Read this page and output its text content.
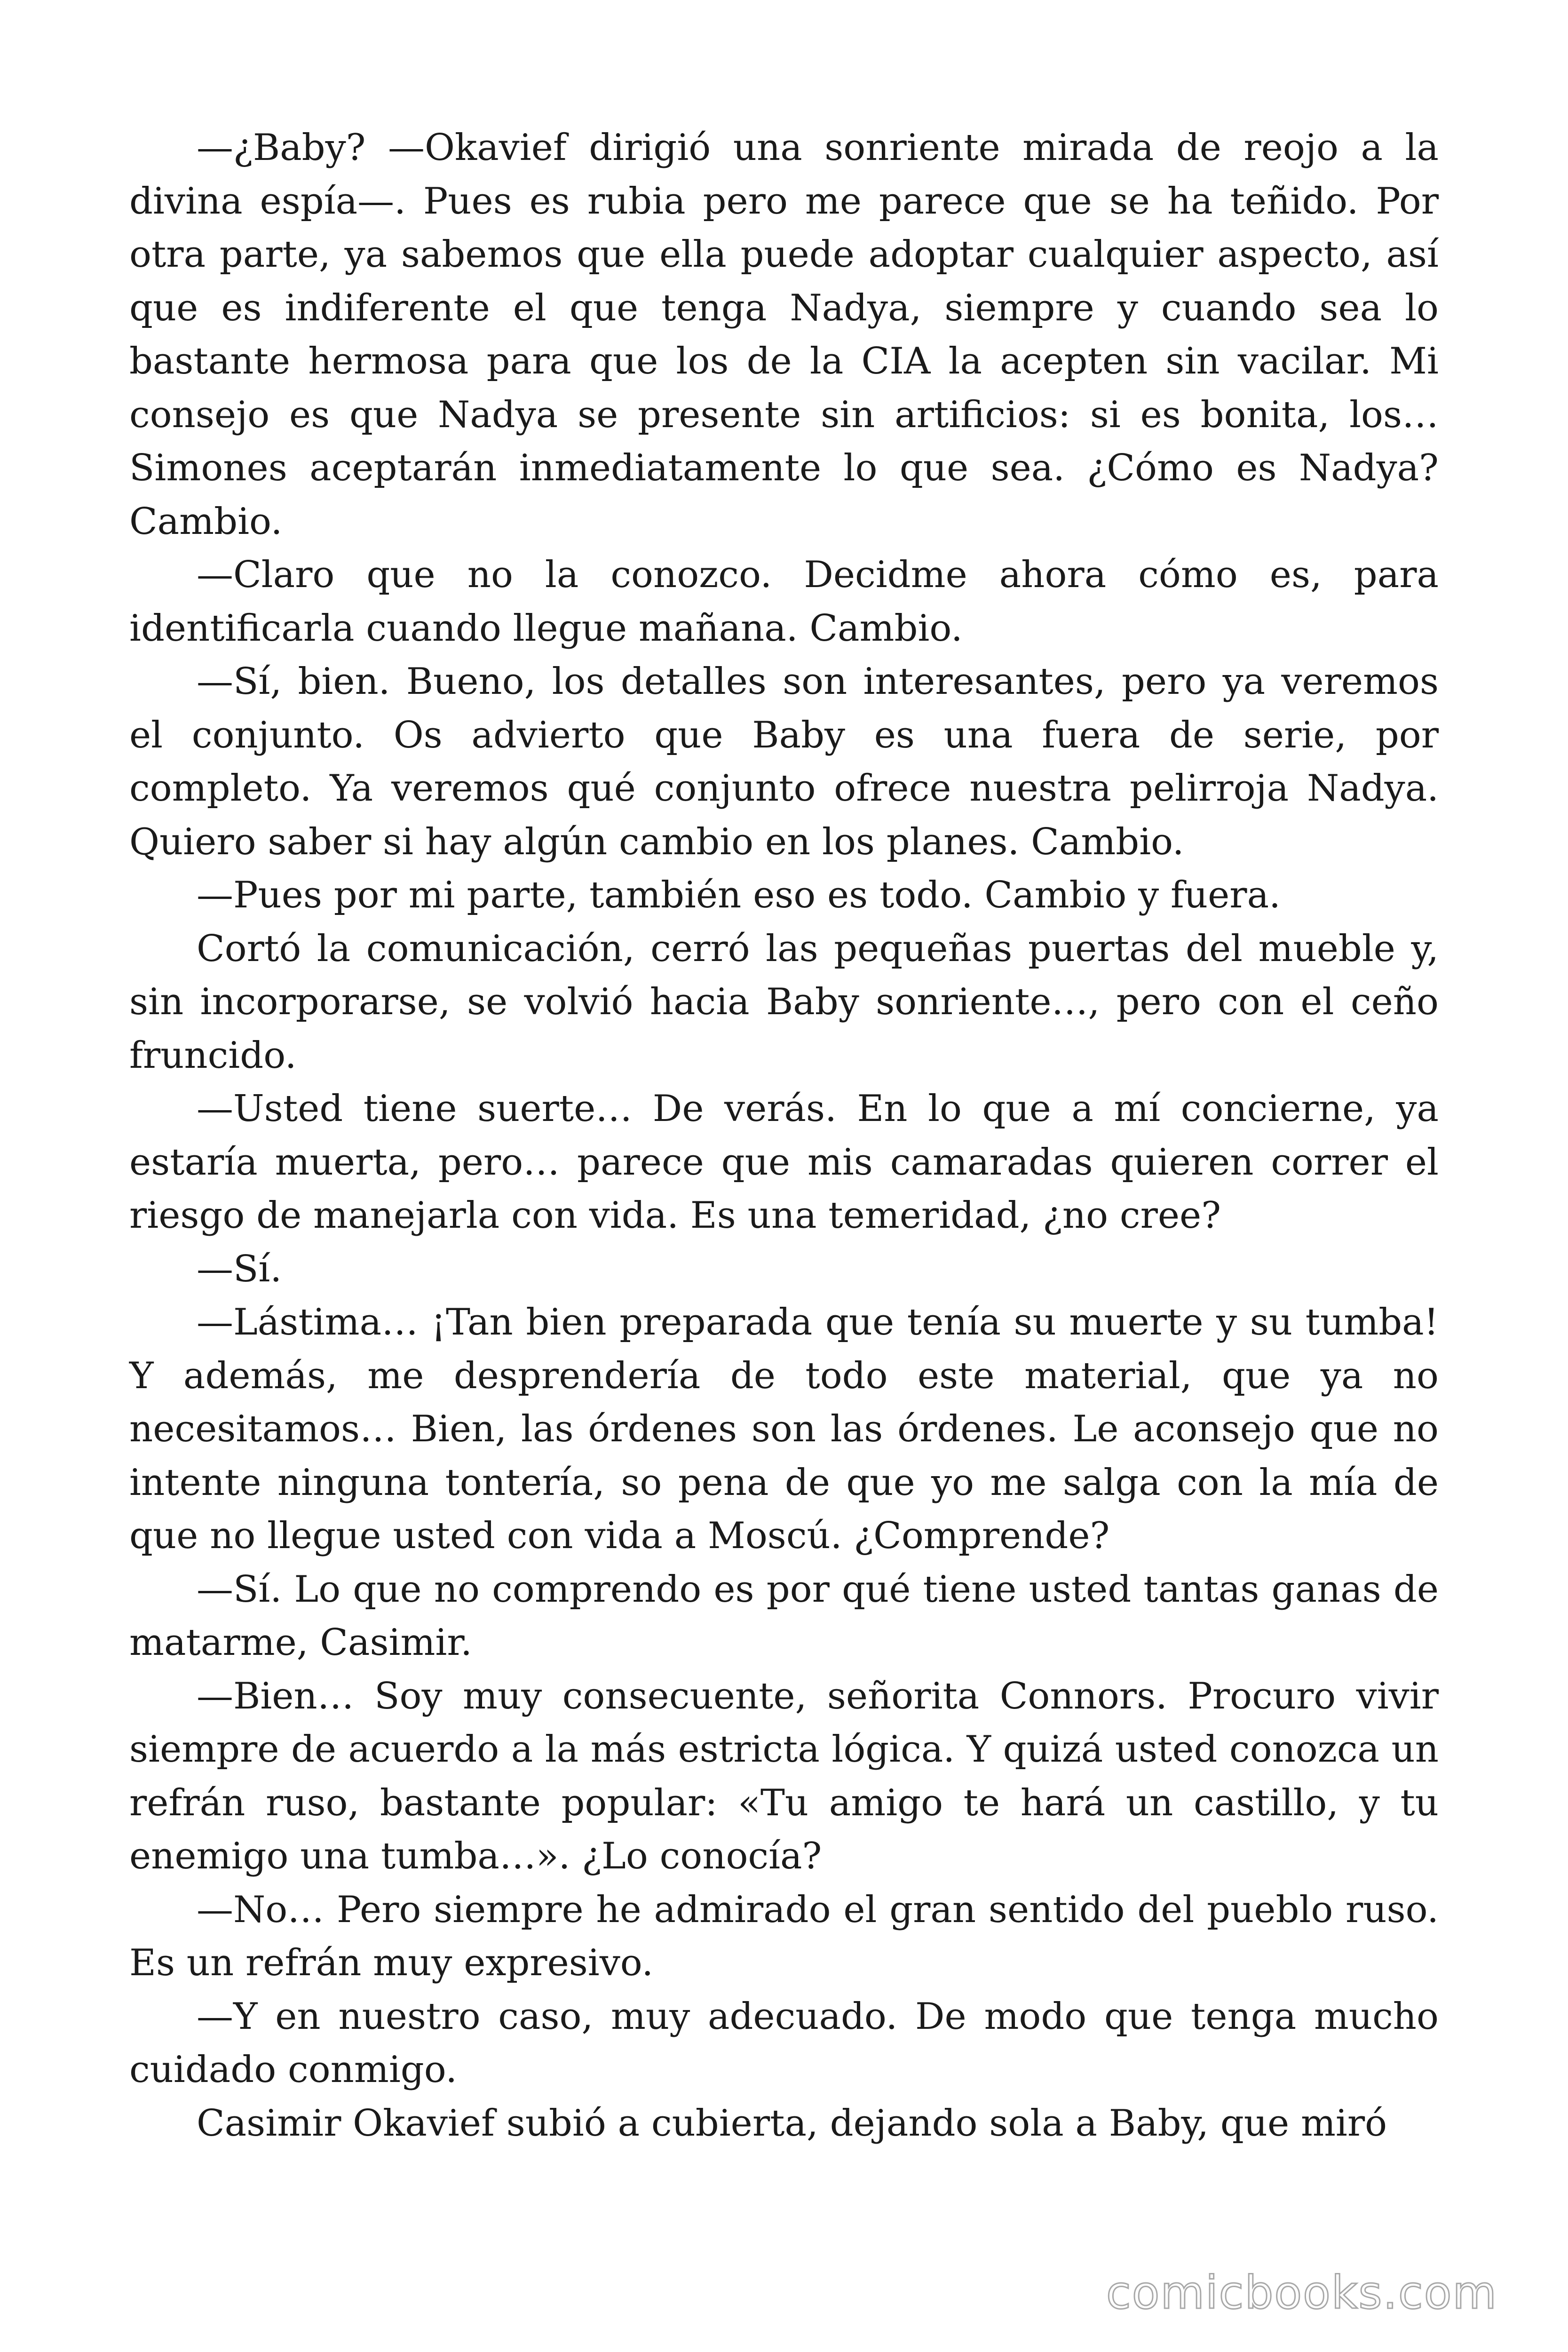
—¿Baby? —Okavief dirigió una sonriente mirada de reojo a la divina espía—. Pues es rubia pero me parece que se ha teñido. Por otra parte, ya sabemos que ella puede adoptar cualquier aspecto, así que es indiferente el que tenga Nadya, siempre y cuando sea lo bastante hermosa para que los de la CIA la acepten sin vacilar. Mi consejo es que Nadya se presente sin artificios: si es bonita, los… Simones aceptarán inmediatamente lo que sea. ¿Cómo es Nadya? Cambio.

—Claro que no la conozco. Decidme ahora cómo es, para identificarla cuando llegue mañana. Cambio.

—Sí, bien. Bueno, los detalles son interesantes, pero ya veremos el conjunto. Os advierto que Baby es una fuera de serie, por completo. Ya veremos qué conjunto ofrece nuestra pelirroja Nadya. Quiero saber si hay algún cambio en los planes. Cambio.

—Pues por mi parte, también eso es todo. Cambio y fuera.

Cortó la comunicación, cerró las pequeñas puertas del mueble y, sin incorporarse, se volvió hacia Baby sonriente…, pero con el ceño fruncido.

—Usted tiene suerte… De verás. En lo que a mí concierne, ya estaría muerta, pero… parece que mis camaradas quieren correr el riesgo de manejarla con vida. Es una temeridad, ¿no cree?

—Sí.

—Lástima… ¡Tan bien preparada que tenía su muerte y su tumba! Y además, me desprendería de todo este material, que ya no necesitamos… Bien, las órdenes son las órdenes. Le aconsejo que no intente ninguna tontería, so pena de que yo me salga con la mía de que no llegue usted con vida a Moscú. ¿Comprende?

—Sí. Lo que no comprendo es por qué tiene usted tantas ganas de matarme, Casimir.

—Bien… Soy muy consecuente, señorita Connors. Procuro vivir siempre de acuerdo a la más estricta lógica. Y quizá usted conozca un refrán ruso, bastante popular: «Tu amigo te hará un castillo, y tu enemigo una tumba…». ¿Lo conocía?

—No… Pero siempre he admirado el gran sentido del pueblo ruso. Es un refrán muy expresivo.

—Y en nuestro caso, muy adecuado. De modo que tenga mucho cuidado conmigo.

Casimir Okavief subió a cubierta, dejando sola a Baby, que miró

comicbooks.com
